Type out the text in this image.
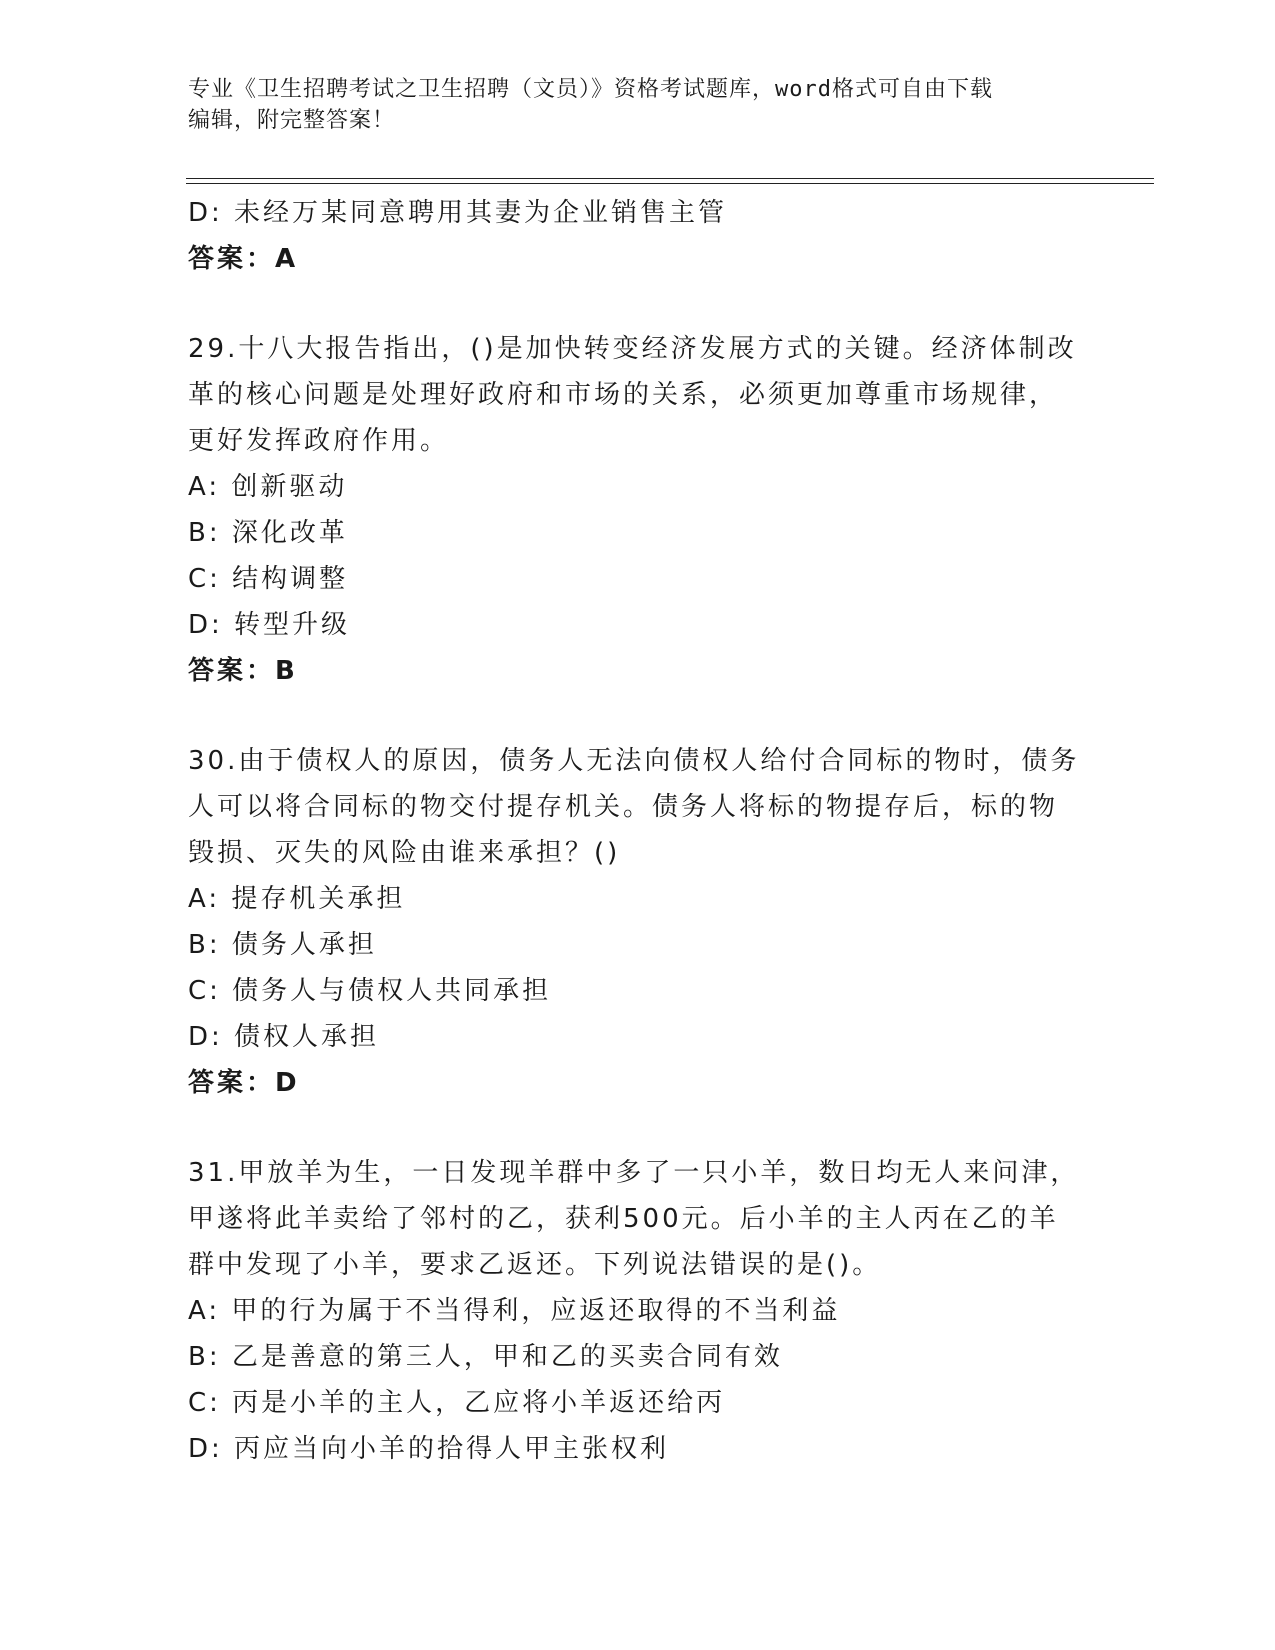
专业《卫生招聘考试之卫生招聘（文员）》资格考试题库，word格式可自由下载
编辑，附完整答案！
D: 未经万某同意聘用其妻为企业销售主管
答案：A
29.十八大报告指出，()是加快转变经济发展方式的关键。经济体制改
革的核心问题是处理好政府和市场的关系，必须更加尊重市场规律，
更好发挥政府作用。
A: 创新驱动
B: 深化改革
C: 结构调整
D: 转型升级
答案：B
30.由于债权人的原因，债务人无法向债权人给付合同标的物时，债务
人可以将合同标的物交付提存机关。债务人将标的物提存后，标的物
毁损、灭失的风险由谁来承担？()
A: 提存机关承担
B: 债务人承担
C: 债务人与债权人共同承担
D: 债权人承担
答案：D
31.甲放羊为生，一日发现羊群中多了一只小羊，数日均无人来问津，
甲遂将此羊卖给了邻村的乙，获利500元。后小羊的主人丙在乙的羊
群中发现了小羊，要求乙返还。下列说法错误的是()。
A: 甲的行为属于不当得利，应返还取得的不当利益
B: 乙是善意的第三人，甲和乙的买卖合同有效
C: 丙是小羊的主人，乙应将小羊返还给丙
D: 丙应当向小羊的拾得人甲主张权利
